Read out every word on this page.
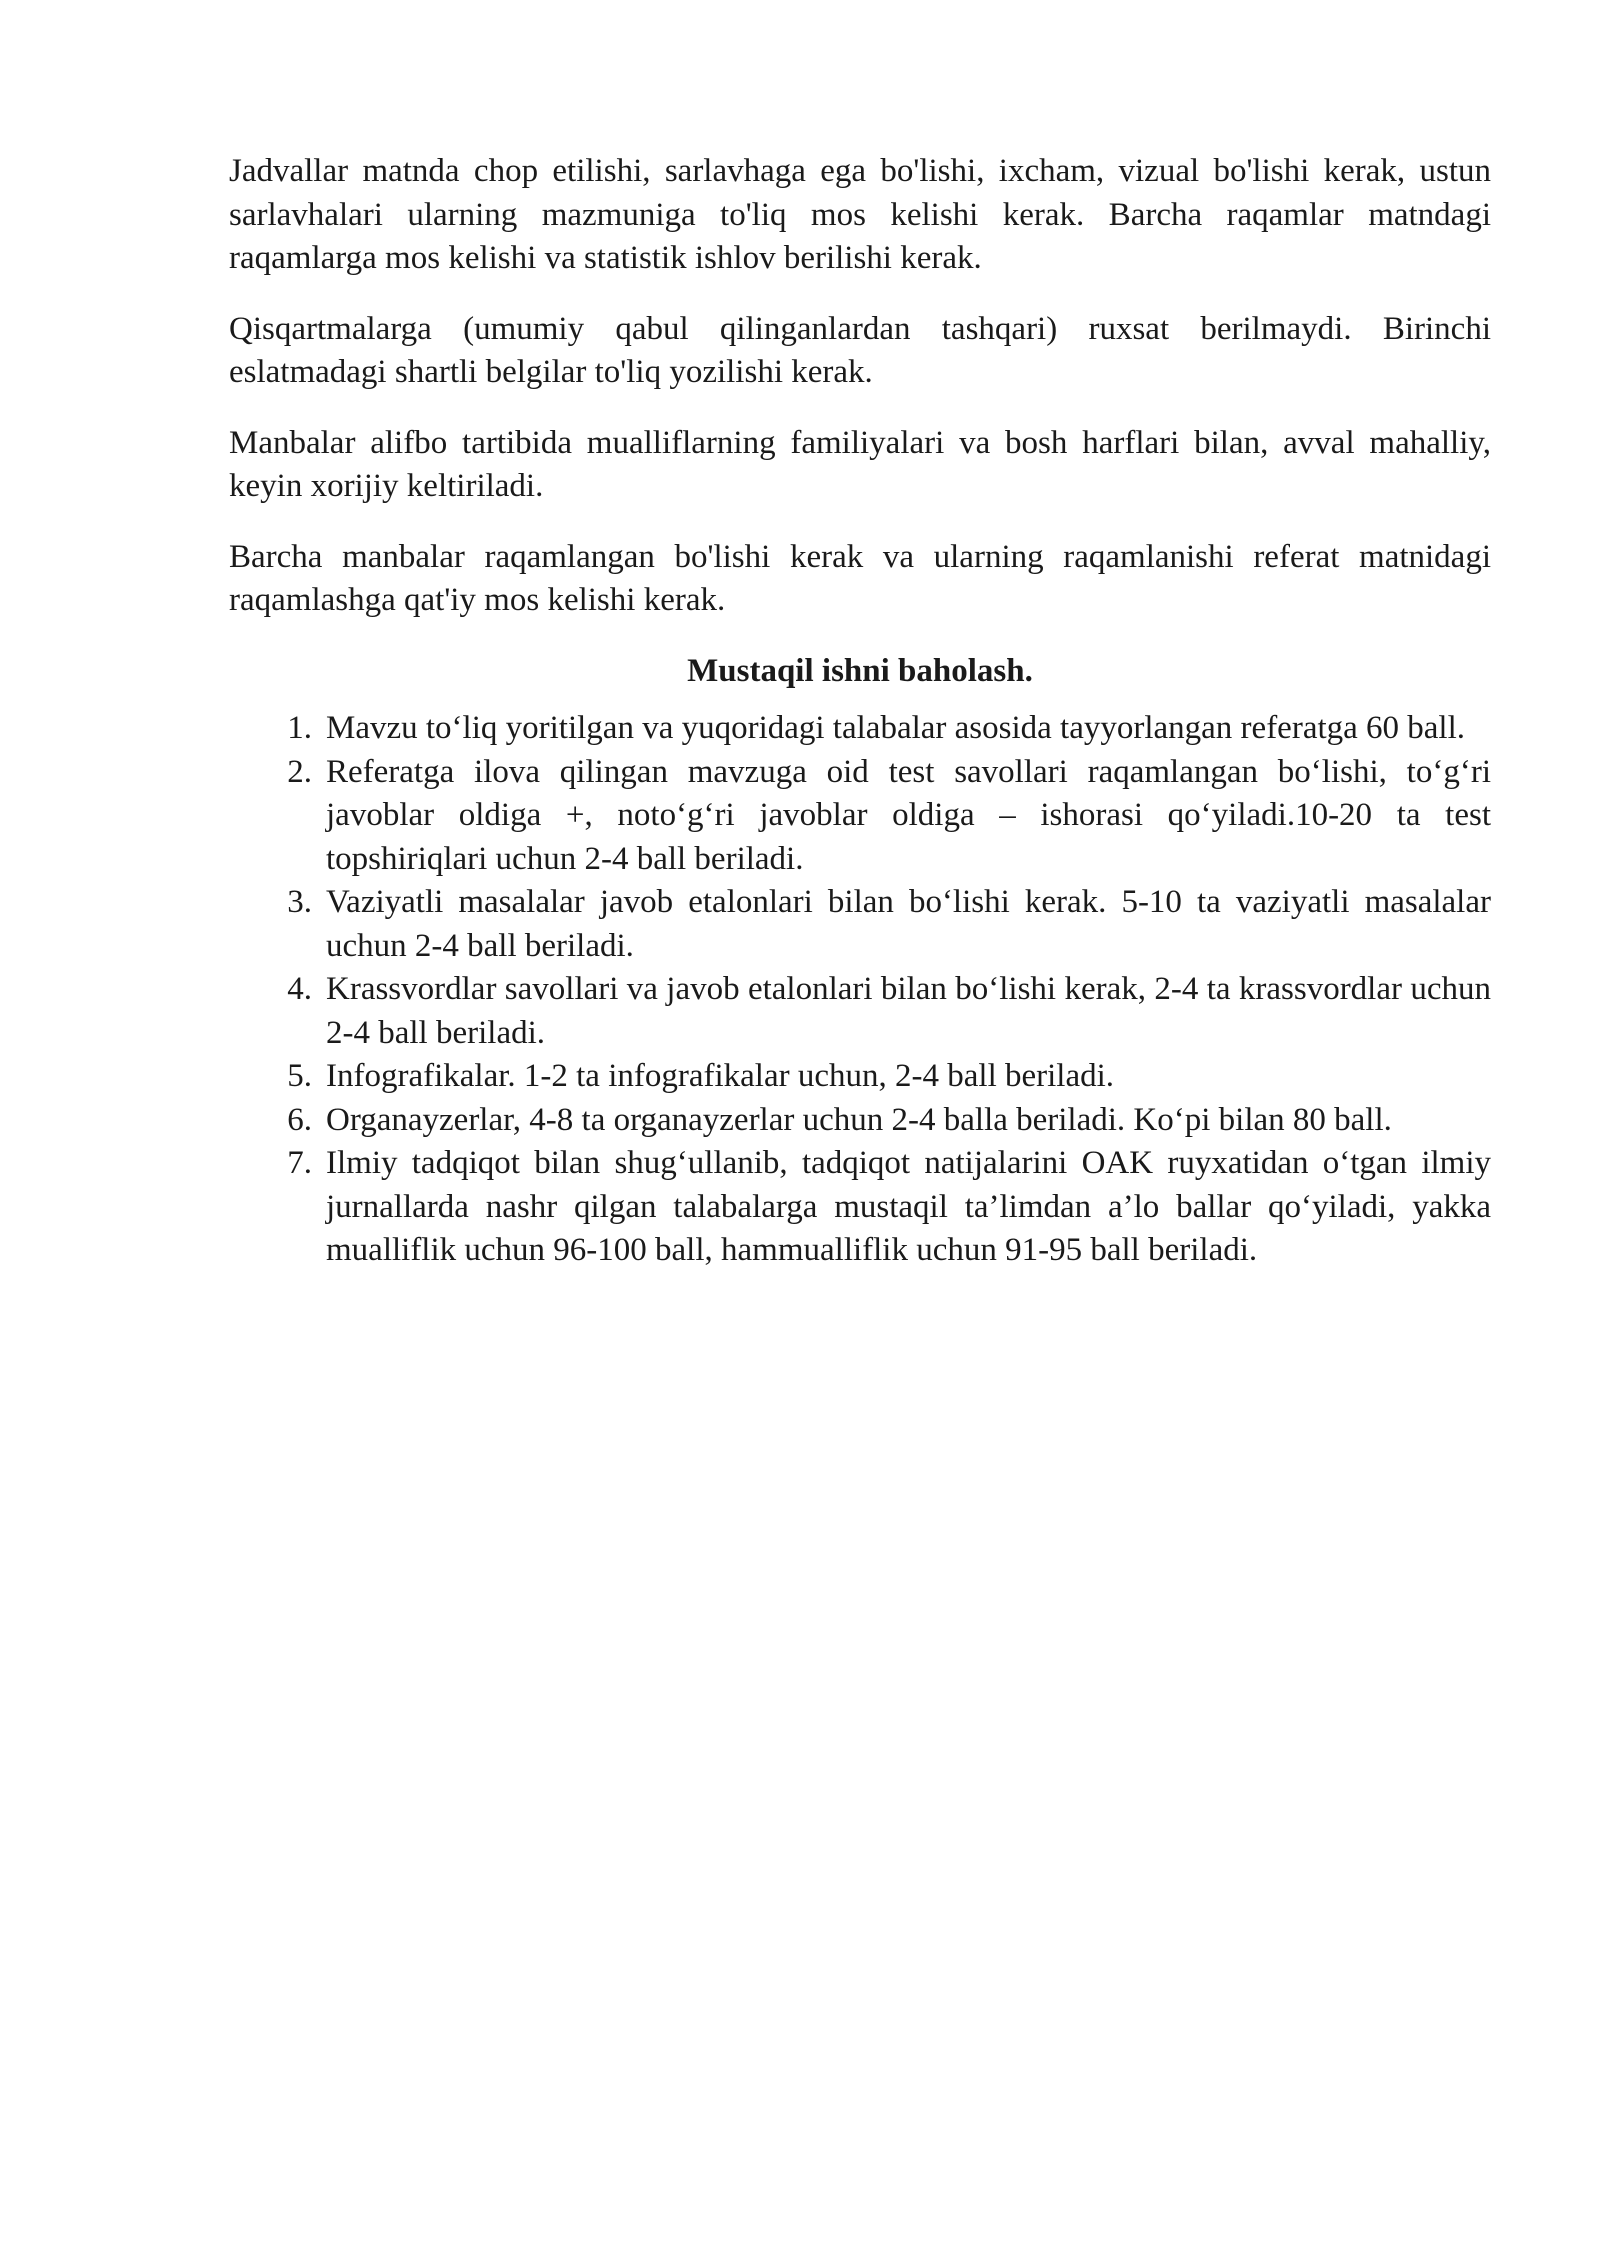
Jadvallar matnda chop etilishi, sarlavhaga ega bo'lishi, ixcham, vizual bo'lishi kerak, ustun sarlavhalari ularning mazmuniga to'liq mos kelishi kerak. Barcha raqamlar matndagi raqamlarga mos kelishi va statistik ishlov berilishi kerak.

Qisqartmalarga (umumiy qabul qilinganlardan tashqari) ruxsat berilmaydi. Birinchi eslatmadagi shartli belgilar to'liq yozilishi kerak.

Manbalar alifbo tartibida mualliflarning familiyalari va bosh harflari bilan, avval mahalliy, keyin xorijiy keltiriladi.

Barcha manbalar raqamlangan bo'lishi kerak va ularning raqamlanishi referat matnidagi raqamlashga qat'iy mos kelishi kerak.

Mustaqil ishni baholash.
1. Mavzu to‘liq yoritilgan va yuqoridagi talabalar asosida tayyorlangan referatga 60 ball.
2. Referatga ilova qilingan mavzuga oid test savollari raqamlangan bo‘lishi, to‘g‘ri javoblar oldiga +, noto‘g‘ri javoblar oldiga – ishorasi qo‘yiladi.10-20 ta test topshiriqlari uchun 2-4 ball beriladi.
3. Vaziyatli masalalar javob etalonlari bilan bo‘lishi kerak. 5-10 ta vaziyatli masalalar uchun 2-4 ball beriladi.
4. Krassvordlar savollari va javob etalonlari bilan bo‘lishi kerak, 2-4 ta krassvordlar uchun 2-4 ball beriladi.
5. Infografikalar. 1-2 ta infografikalar uchun, 2-4 ball beriladi.
6. Organayzerlar, 4-8 ta organayzerlar uchun 2-4 balla beriladi. Ko‘pi bilan 80 ball.
7. Ilmiy tadqiqot bilan shug‘ullanib, tadqiqot natijalarini OAK ruyxatidan o‘tgan ilmiy jurnallarda nashr qilgan talabalarga mustaqil ta’limdan a’lo ballar qo‘yiladi, yakka mualliflik uchun 96-100 ball, hammualliflik uchun 91-95 ball beriladi.
